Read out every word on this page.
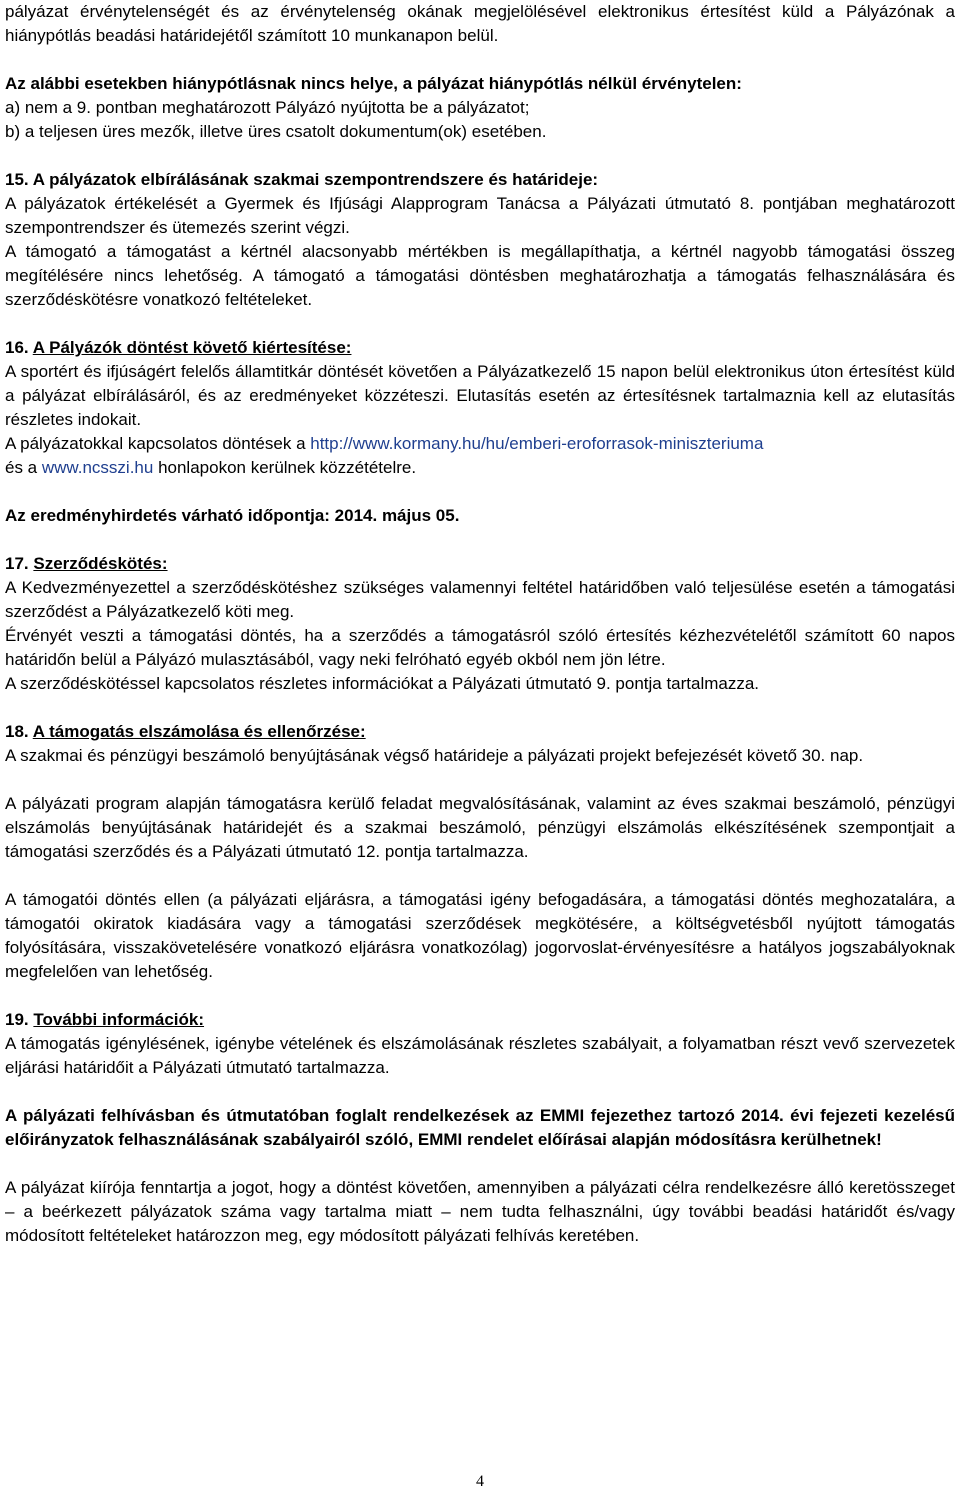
pályázat érvénytelenségét és az érvénytelenség okának megjelölésével elektronikus értesítést küld a Pályázónak a hiánypótlás beadási határidejétől számított 10 munkanapon belül.

Az alábbi esetekben hiánypótlásnak nincs helye, a pályázat hiánypótlás nélkül érvénytelen:

a) nem a 9. pontban meghatározott Pályázó nyújtotta be a pályázatot;

b) a teljesen üres mezők, illetve üres csatolt dokumentum(ok) esetében.

15. A pályázatok elbírálásának szakmai szempontrendszere és határideje:

A pályázatok értékelését a Gyermek és Ifjúsági Alapprogram Tanácsa a Pályázati útmutató 8. pontjában meghatározott szempontrendszer és ütemezés szerint végzi.

A támogató a támogatást a kértnél alacsonyabb mértékben is megállapíthatja, a kértnél nagyobb támogatási összeg megítélésére nincs lehetőség. A támogató a támogatási döntésben meghatározhatja a támogatás felhasználására és szerződéskötésre vonatkozó feltételeket.

16. A Pályázók döntést követő kiértesítése:

A sportért és ifjúságért felelős államtitkár döntését követően a Pályázatkezelő 15 napon belül elektronikus úton értesítést küld a pályázat elbírálásáról, és az eredményeket közzéteszi. Elutasítás esetén az értesítésnek tartalmaznia kell az elutasítás részletes indokait.

A pályázatokkal kapcsolatos döntések a http://www.kormany.hu/hu/emberi-eroforrasok-miniszteriuma
és a www.ncsszi.hu honlapokon kerülnek közzétételre.

Az eredményhirdetés várható időpontja: 2014. május 05.

17. Szerződéskötés:

A Kedvezményezettel a szerződéskötéshez szükséges valamennyi feltétel határidőben való teljesülése esetén a támogatási szerződést a Pályázatkezelő köti meg.

Érvényét veszti a támogatási döntés, ha a szerződés a támogatásról szóló értesítés kézhezvételétől számított 60 napos határidőn belül a Pályázó mulasztásából, vagy neki felróható egyéb okból nem jön létre.

A szerződéskötéssel kapcsolatos részletes információkat a Pályázati útmutató 9. pontja tartalmazza.

18. A támogatás elszámolása és ellenőrzése:

A szakmai és pénzügyi beszámoló benyújtásának végső határideje a pályázati projekt befejezését követő 30. nap.

A pályázati program alapján támogatásra kerülő feladat megvalósításának, valamint az éves szakmai beszámoló, pénzügyi elszámolás benyújtásának határidejét és a szakmai beszámoló, pénzügyi elszámolás elkészítésének szempontjait a támogatási szerződés és a Pályázati útmutató 12. pontja tartalmazza.

A támogatói döntés ellen (a pályázati eljárásra, a támogatási igény befogadására, a támogatási döntés meghozatalára, a támogatói okiratok kiadására vagy a támogatási szerződések megkötésére, a költségvetésből nyújtott támogatás folyósítására, visszakövetelésére vonatkozó eljárásra vonatkozólag) jogorvoslat-érvényesítésre a hatályos jogszabályoknak megfelelően van lehetőség.

19. További információk:

A támogatás igénylésének, igénybe vételének és elszámolásának részletes szabályait, a folyamatban részt vevő szervezetek eljárási határidőit a Pályázati útmutató tartalmazza.

A pályázati felhívásban és útmutatóban foglalt rendelkezések az EMMI fejezethez tartozó 2014. évi fejezeti kezelésű előirányzatok felhasználásának szabályairól szóló, EMMI rendelet előírásai alapján módosításra kerülhetnek!

A pályázat kiírója fenntartja a jogot, hogy a döntést követően, amennyiben a pályázati célra rendelkezésre álló keretösszeget – a beérkezett pályázatok száma vagy tartalma miatt – nem tudta felhasználni, úgy további beadási határidőt és/vagy módosított feltételeket határozzon meg, egy módosított pályázati felhívás keretében.

4
